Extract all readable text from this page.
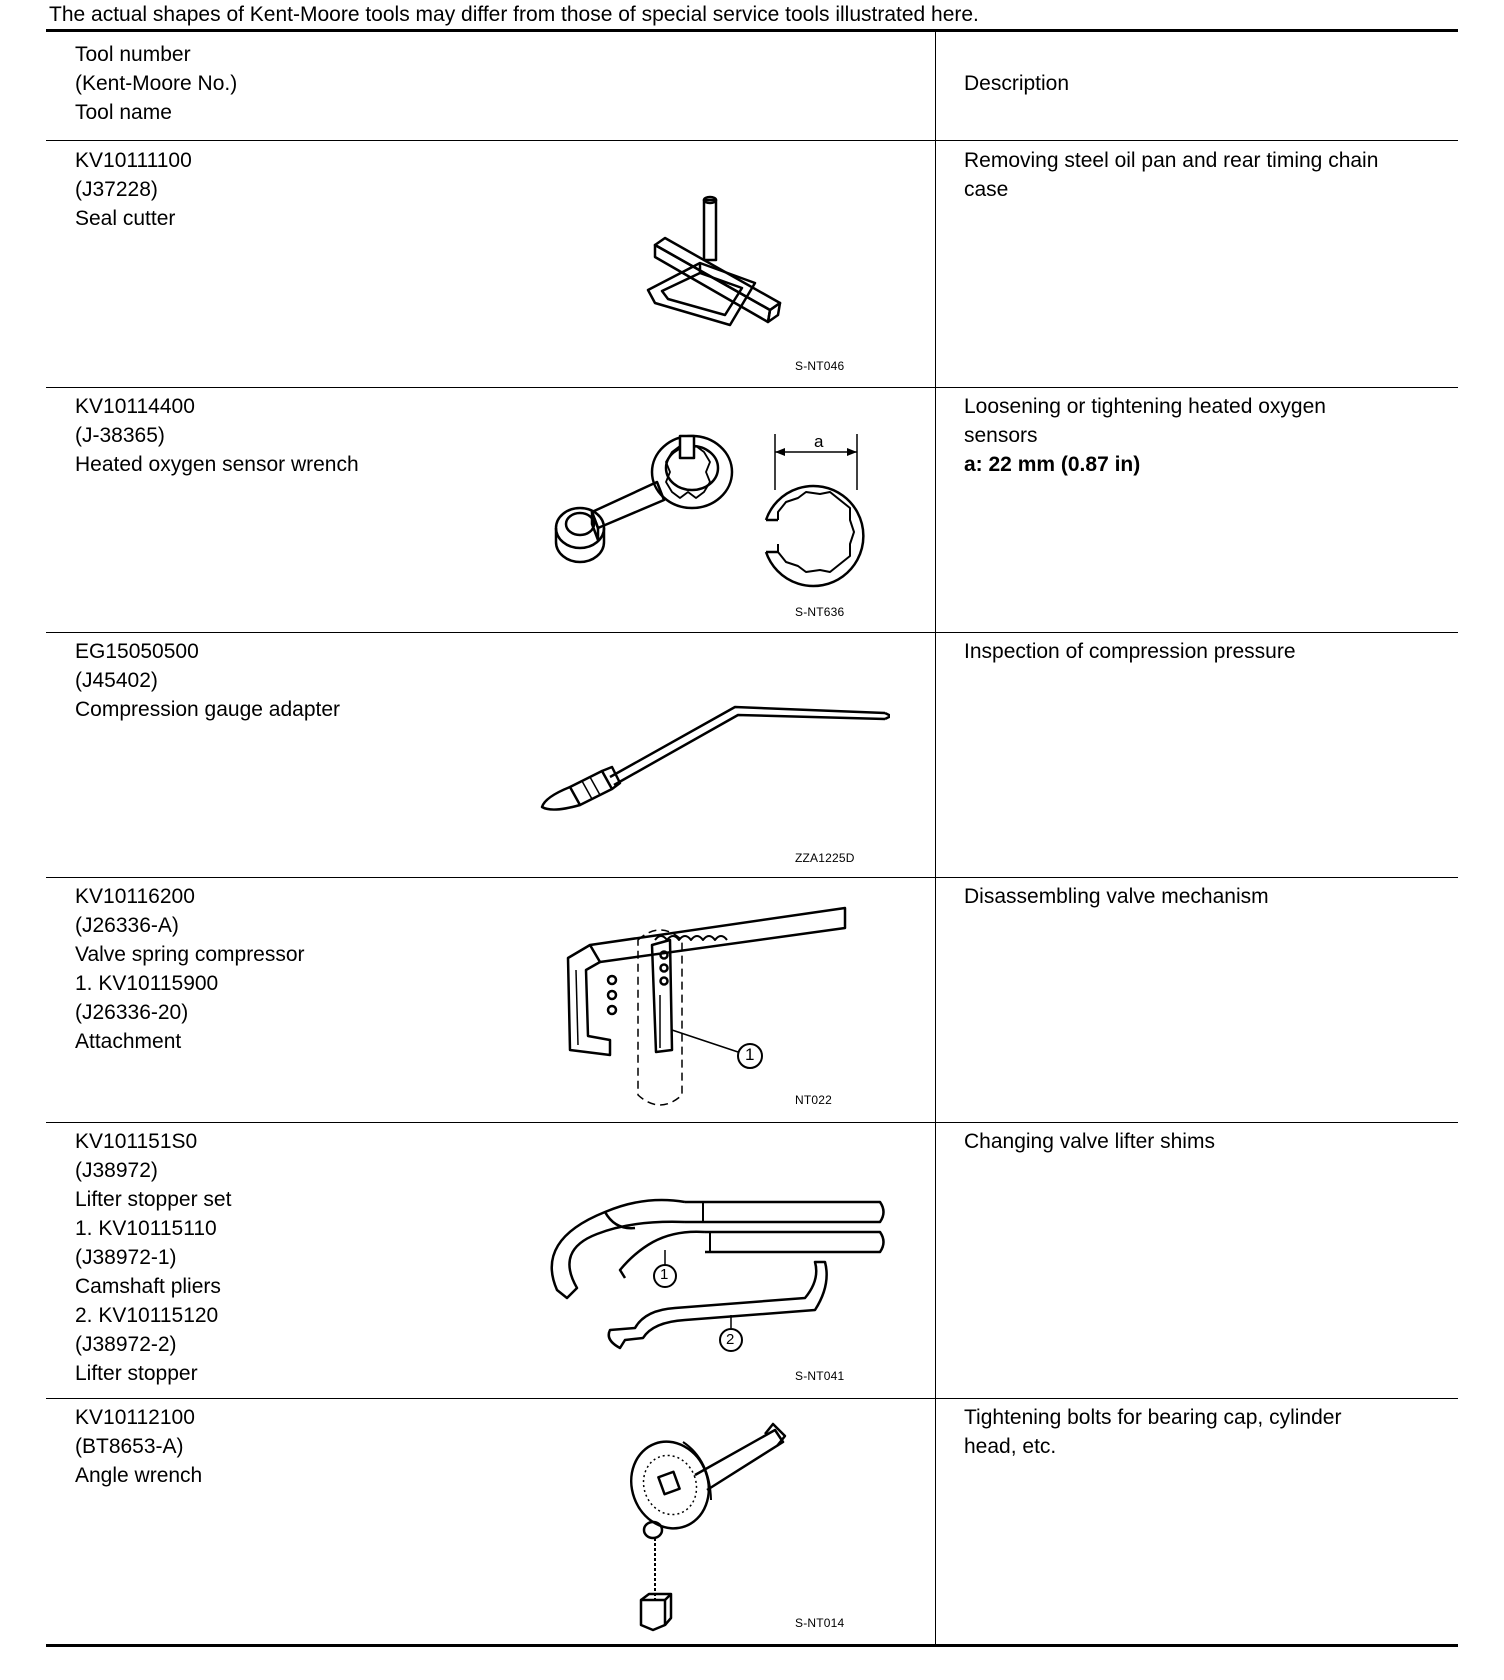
The actual shapes of Kent-Moore tools may differ from those of special service tools illustrated here.
Tool number
(Kent-Moore No.)
Tool name
Description
KV10111100
(J37228)
Seal cutter
Removing steel oil pan and rear timing chain
case
S-NT046
KV10114400
(J-38365)
Heated oxygen sensor wrench
Loosening or tightening heated oxygen
sensors
a: 22 mm (0.87 in)
a
S-NT636
EG15050500
(J45402)
Compression gauge adapter
Inspection of compression pressure
ZZA1225D
KV10116200
(J26336-A)
Valve spring compressor
1. KV10115900
(J26336-20)
Attachment
Disassembling valve mechanism
1
NT022
KV101151S0
(J38972)
Lifter stopper set
1. KV10115110
(J38972-1)
Camshaft pliers
2. KV10115120
(J38972-2)
Lifter stopper
Changing valve lifter shims
1
2
S-NT041
KV10112100
(BT8653-A)
Angle wrench
Tightening bolts for bearing cap, cylinder
head, etc.
S-NT014
